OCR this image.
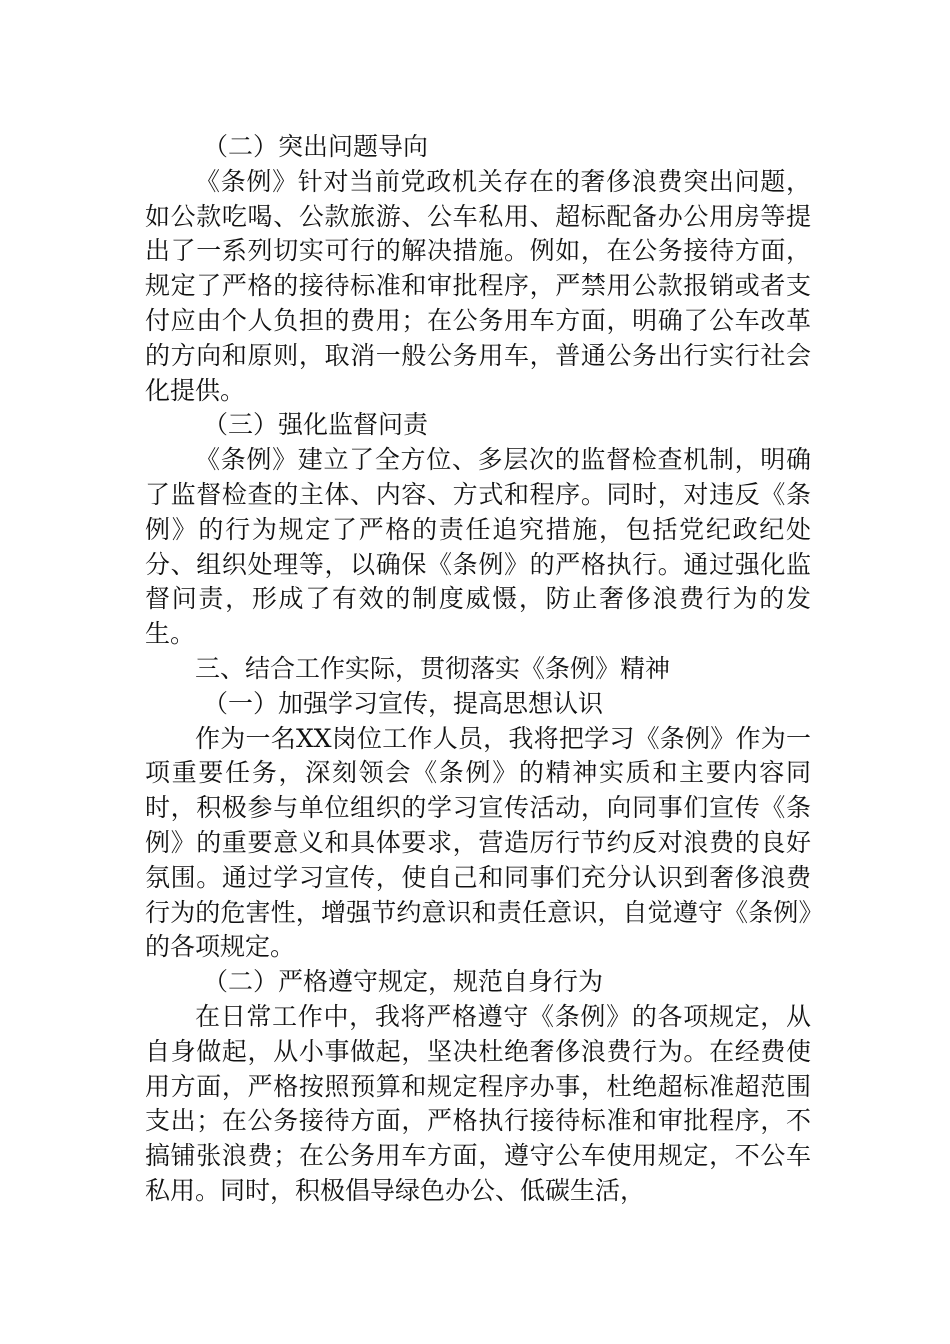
（二）突出问题导向

《条例》针对当前党政机关存在的奢侈浪费突出问题，如公款吃喝、公款旅游、公车私用、超标配备办公用房等提出了一系列切实可行的解决措施。例如，在公务接待方面，规定了严格的接待标准和审批程序，严禁用公款报销或者支付应由个人负担的费用；在公务用车方面，明确了公车改革的方向和原则，取消一般公务用车，普通公务出行实行社会化提供。

（三）强化监督问责

《条例》建立了全方位、多层次的监督检查机制，明确了监督检查的主体、内容、方式和程序。同时，对违反《条例》的行为规定了严格的责任追究措施，包括党纪政纪处分、组织处理等，以确保《条例》的严格执行。通过强化监督问责，形成了有效的制度威慑，防止奢侈浪费行为的发生。

三、结合工作实际，贯彻落实《条例》精神

（一）加强学习宣传，提高思想认识

作为一名XX岗位工作人员，我将把学习《条例》作为一项重要任务，深刻领会《条例》的精神实质和主要内容同时，积极参与单位组织的学习宣传活动，向同事们宣传《条例》的重要意义和具体要求，营造厉行节约反对浪费的良好氛围。通过学习宣传，使自己和同事们充分认识到奢侈浪费行为的危害性，增强节约意识和责任意识，自觉遵守《条例》的各项规定。

（二）严格遵守规定，规范自身行为

在日常工作中，我将严格遵守《条例》的各项规定，从自身做起，从小事做起，坚决杜绝奢侈浪费行为。在经费使用方面，严格按照预算和规定程序办事，杜绝超标准超范围支出；在公务接待方面，严格执行接待标准和审批程序，不搞铺张浪费；在公务用车方面，遵守公车使用规定，不公车私用。同时，积极倡导绿色办公、低碳生活，
